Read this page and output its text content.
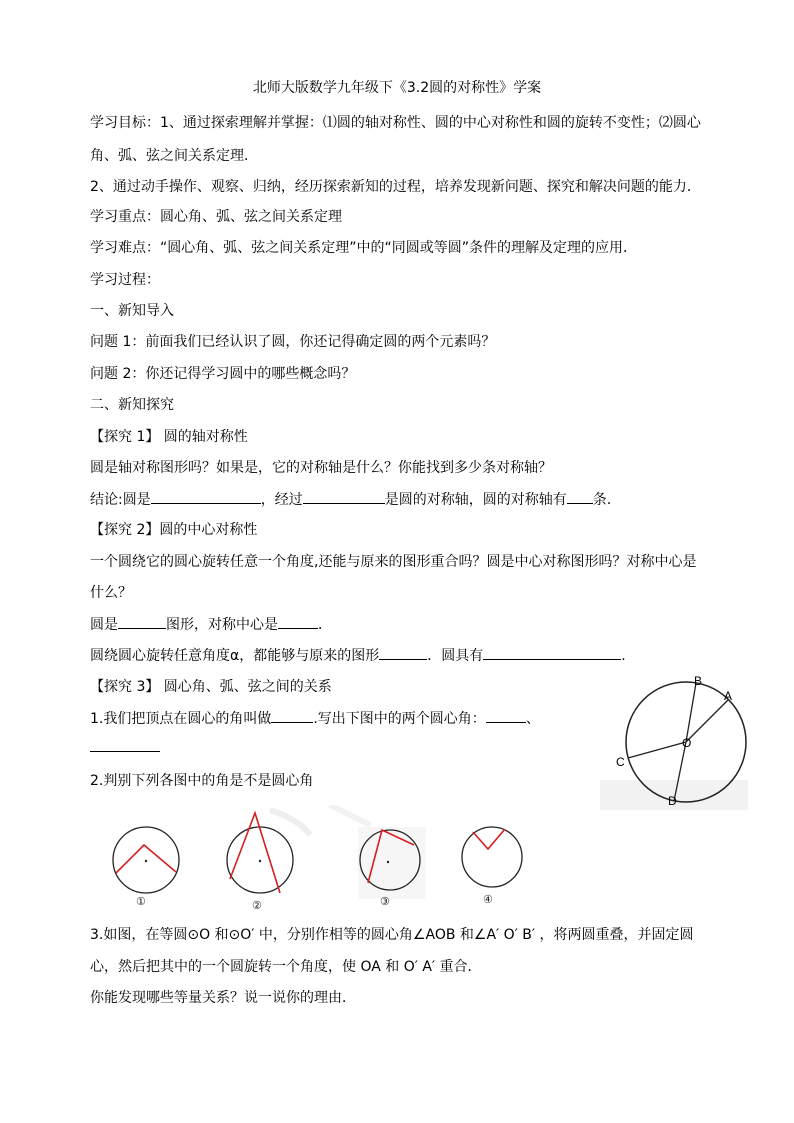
北师大版数学九年级下《3.2圆的对称性》学案
学习目标：1、通过探索理解并掌握：⑴圆的轴对称性、圆的中心对称性和圆的旋转不变性；⑵圆心
角、弧、弦之间关系定理．
2、通过动手操作、观察、归纳，经历探索新知的过程，培养发现新问题、探究和解决问题的能力．
学习重点：圆心角、弧、弦之间关系定理
学习难点：“圆心角、弧、弦之间关系定理”中的“同圆或等圆”条件的理解及定理的应用．
学习过程：
一、新知导入
问题 1：前面我们已经认识了圆，你还记得确定圆的两个元素吗？
问题 2：你还记得学习圆中的哪些概念吗？
二、新知探究
【探究 1】 圆的轴对称性
圆是轴对称图形吗？如果是，它的对称轴是什么？你能找到多少条对称轴？
结论:圆是	，经过	是圆的对称轴，圆的对称轴有 条.
【探究 2】圆的中心对称性
一个圆绕它的圆心旋转任意一个角度,还能与原来的图形重合吗？圆是中心对称图形吗？对称中心是
什么？
圆是	图形，对称中心是	．
圆绕圆心旋转任意角度α，都能够与原来的图形	．圆具有	.
【探究 3】 圆心角、弧、弦之间的关系
1.我们把顶点在圆心的角叫做	.写出下图中的两个圆心角：	、
2.判别下列各图中的角是不是圆心角
B
A
O
C
D
①	②	③	④
3.如图，在等圆⊙O 和⊙O′ 中，分别作相等的圆心角∠AOB 和∠A′ O′ B′ ，将两圆重叠，并固定圆
心，然后把其中的一个圆旋转一个角度，使 OA 和 O′ A′ 重合．
你能发现哪些等量关系？说一说你的理由．
